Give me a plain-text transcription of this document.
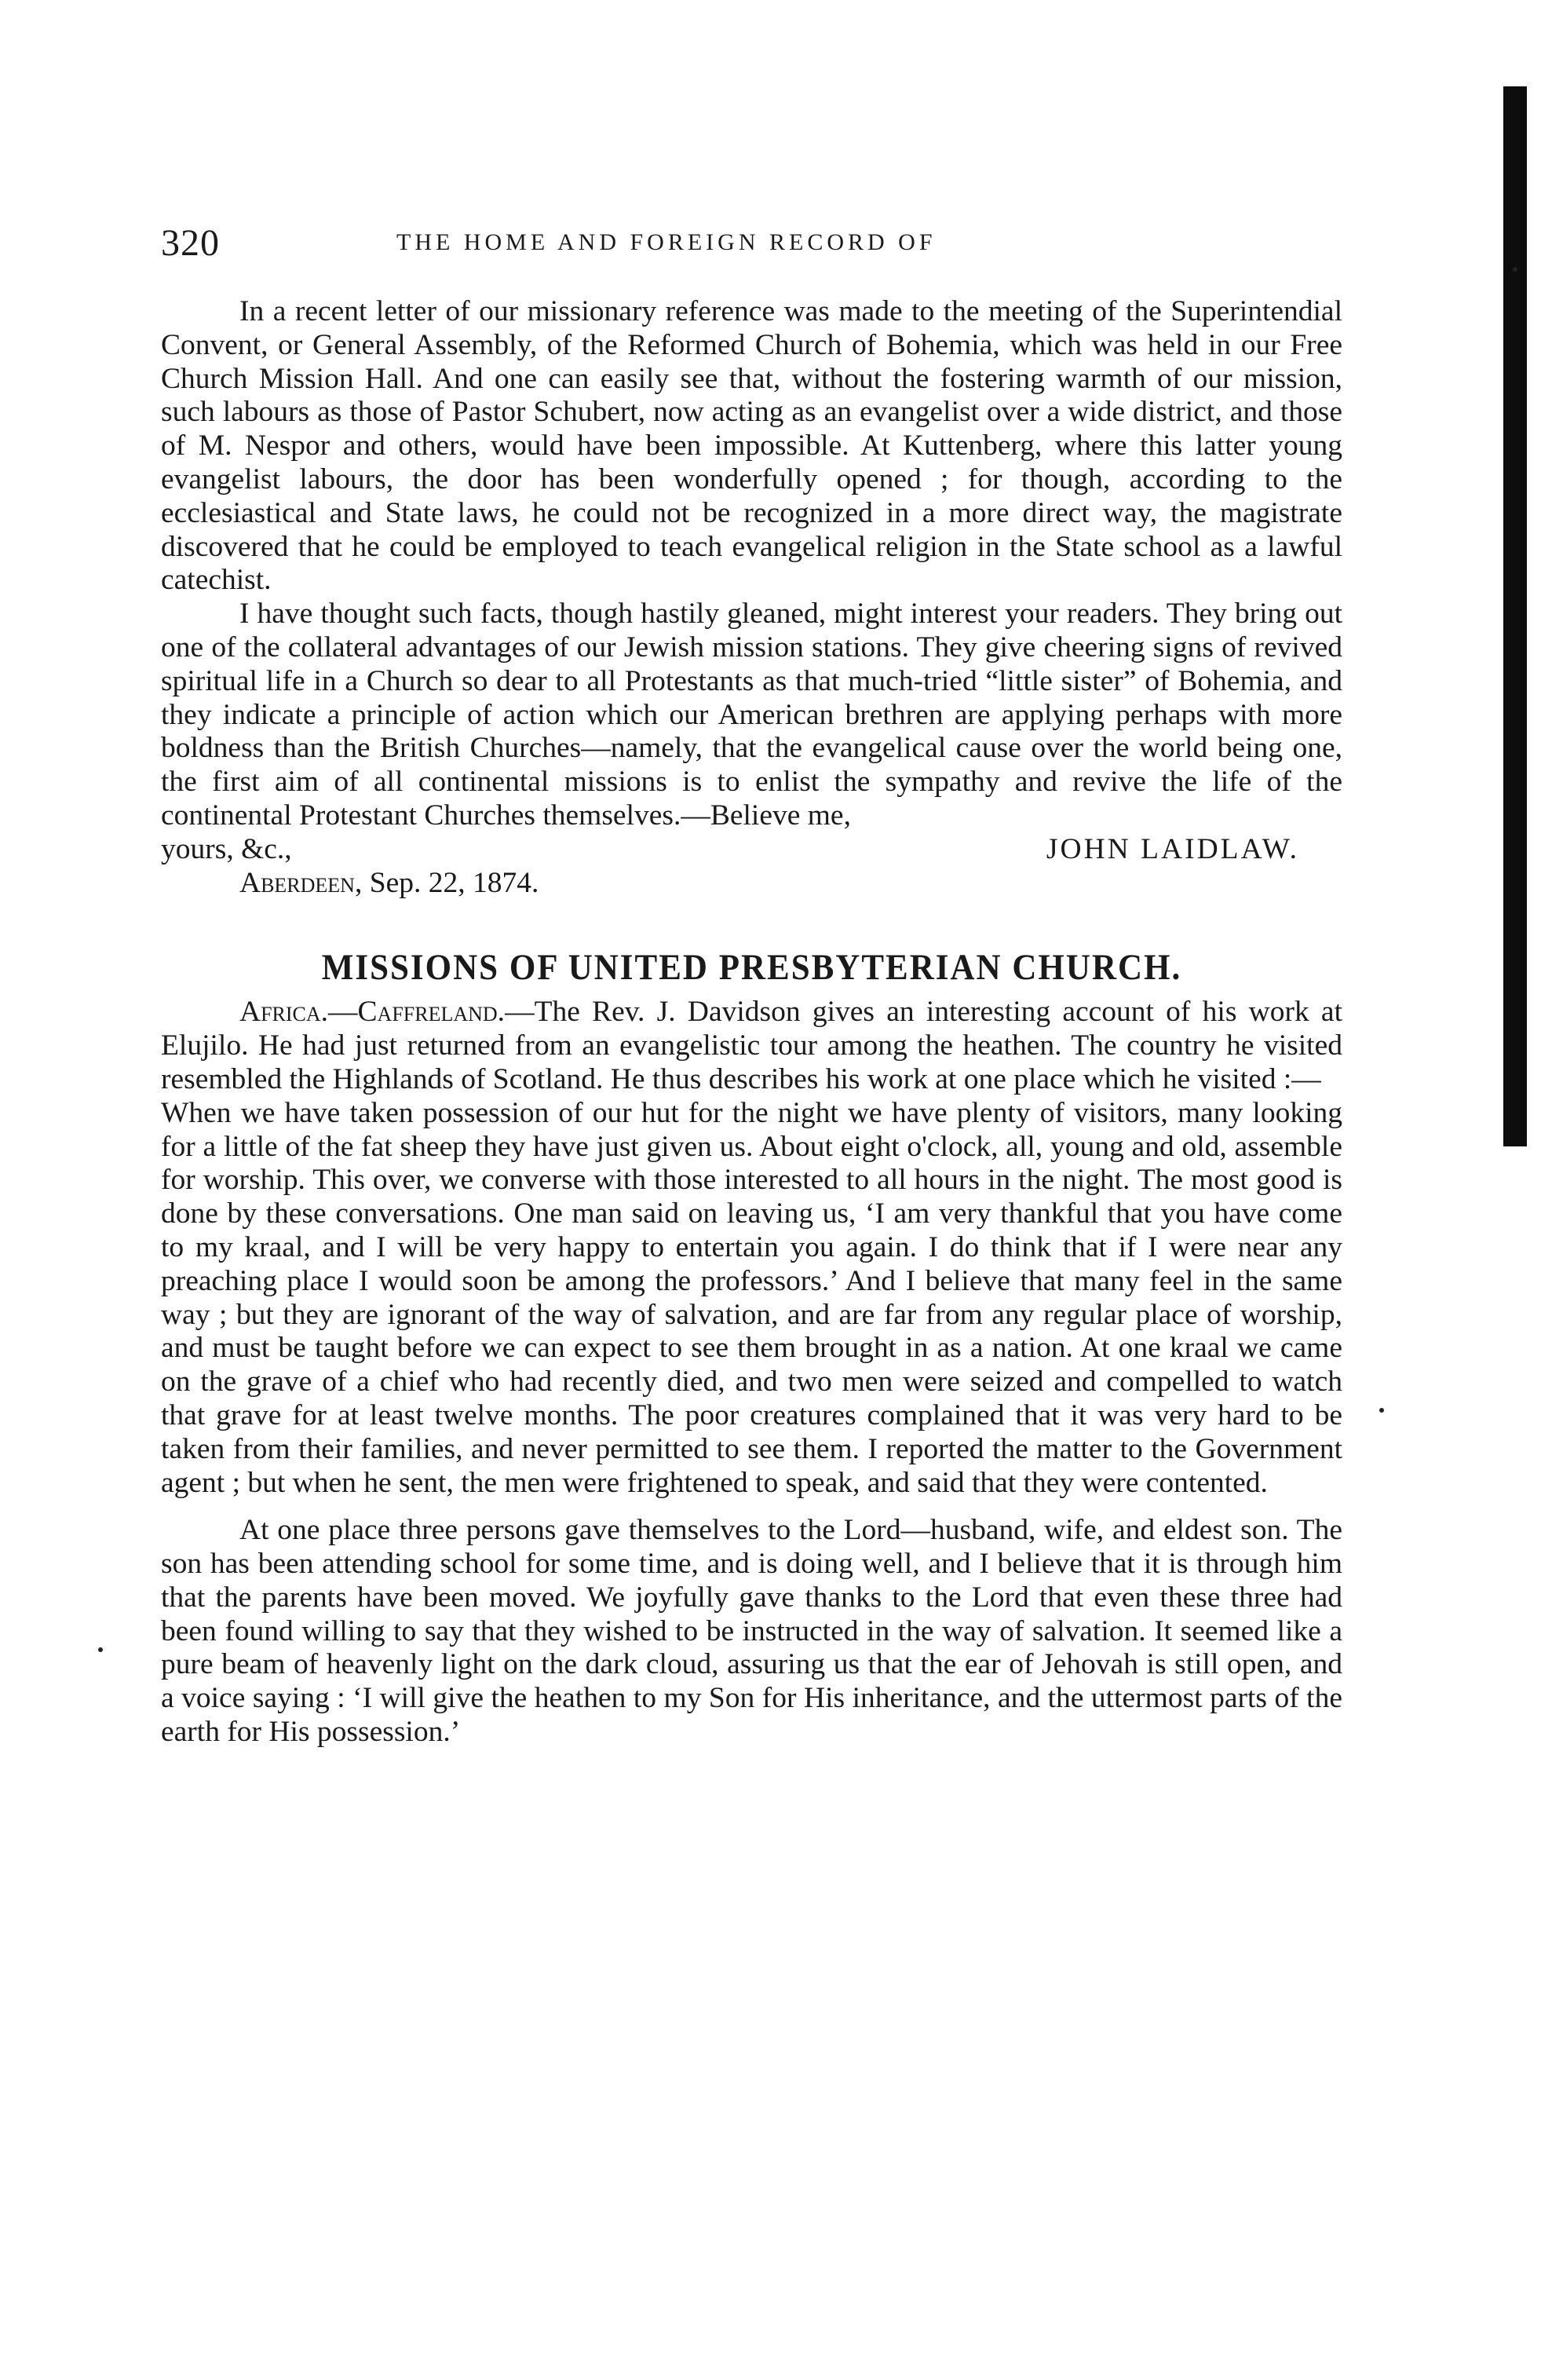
320	THE HOME AND FOREIGN RECORD OF

In a recent letter of our missionary reference was made to the meeting of the Superintendial Convent, or General Assembly, of the Reformed Church of Bohemia, which was held in our Free Church Mission Hall. And one can easily see that, without the fostering warmth of our mission, such labours as those of Pastor Schubert, now acting as an evangelist over a wide district, and those of M. Nespor and others, would have been impossible. At Kuttenberg, where this latter young evangelist labours, the door has been wonderfully opened ; for though, according to the ecclesiastical and State laws, he could not be recognized in a more direct way, the magistrate discovered that he could be employed to teach evangelical religion in the State school as a lawful catechist.

I have thought such facts, though hastily gleaned, might interest your readers. They bring out one of the collateral advantages of our Jewish mission stations. They give cheering signs of revived spiritual life in a Church so dear to all Protestants as that much-tried “little sister” of Bohemia, and they indicate a principle of action which our American brethren are applying perhaps with more boldness than the British Churches—namely, that the evangelical cause over the world being one, the first aim of all continental missions is to enlist the sympathy and revive the life of the continental Protestant Churches themselves.—Believe me,

yours, &c.,	JOHN LAIDLAW.
Aberdeen, Sep. 22, 1874.
MISSIONS OF UNITED PRESBYTERIAN CHURCH.

Africa.—Caffreland.—The Rev. J. Davidson gives an interesting account of his work at Elujilo. He had just returned from an evangelistic tour among the heathen. The country he visited resembled the Highlands of Scotland. He thus describes his work at one place which he visited :—

When we have taken possession of our hut for the night we have plenty of visitors, many looking for a little of the fat sheep they have just given us. About eight o'clock, all, young and old, assemble for worship. This over, we converse with those interested to all hours in the night. The most good is done by these conversations. One man said on leaving us, ‘I am very thankful that you have come to my kraal, and I will be very happy to entertain you again. I do think that if I were near any preaching place I would soon be among the professors.’ And I believe that many feel in the same way ; but they are ignorant of the way of salvation, and are far from any regular place of worship, and must be taught before we can expect to see them brought in as a nation. At one kraal we came on the grave of a chief who had recently died, and two men were seized and compelled to watch that grave for at least twelve months. The poor creatures complained that it was very hard to be taken from their families, and never permitted to see them. I reported the matter to the Government agent ; but when he sent, the men were frightened to speak, and said that they were contented.

At one place three persons gave themselves to the Lord—husband, wife, and eldest son. The son has been attending school for some time, and is doing well, and I believe that it is through him that the parents have been moved. We joyfully gave thanks to the Lord that even these three had been found willing to say that they wished to be instructed in the way of salvation. It seemed like a pure beam of heavenly light on the dark cloud, assuring us that the ear of Jehovah is still open, and a voice saying : ‘I will give the heathen to my Son for His inheritance, and the uttermost parts of the earth for His possession.’
